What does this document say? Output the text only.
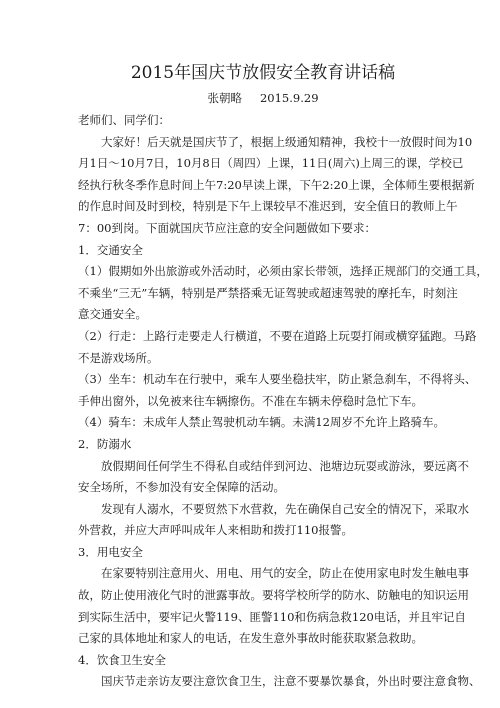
2015年国庆节放假安全教育讲话稿
张朝略 2015.9.29

老师们、同学们：

大家好！后天就是国庆节了，根据上级通知精神，我校十一放假时间为10
月1日～10月7日，10月8日（周四）上课，11日(周六)上周三的课，学校已
经执行秋冬季作息时间上午7:20早读上课，下午2:20上课，全体师生要根据新
的作息时间及时到校，特别是下午上课较早不准迟到，安全值日的教师上午
7：00到岗。下面就国庆节应注意的安全问题做如下要求：

1．交通安全

（1）假期如外出旅游或外活动时，必须由家长带领，选择正规部门的交通工具，
不乘坐“三无”车辆，特别是严禁搭乘无证驾驶或超速驾驶的摩托车，时刻注
意交通安全。

（2）行走：上路行走要走人行横道，不要在道路上玩耍打闹或横穿猛跑。马路
不是游戏场所。

（3）坐车：机动车在行驶中，乘车人要坐稳扶牢，防止紧急刹车，不得将头、
手伸出窗外，以免被来往车辆擦伤。不准在车辆未停稳时急忙下车。

（4）骑车：未成年人禁止驾驶机动车辆。未满12周岁不允许上路骑车。

2．防溺水

放假期间任何学生不得私自或结伴到河边、池塘边玩耍或游泳，要远离不
安全场所，不参加没有安全保障的活动。

发现有人溺水，不要贸然下水营救，先在确保自己安全的情况下，采取水
外营救，并应大声呼叫成年人来相助和拨打110报警。

3．用电安全

在家要特别注意用火、用电、用气的安全，防止在使用家电时发生触电事
故，防止使用液化气时的泄露事故。要将学校所学的防水、防触电的知识运用
到实际生活中，要牢记火警119、匪警110和伤病急救120电话，并且牢记自
己家的具体地址和家人的电话，在发生意外事故时能获取紧急救助。

4．饮食卫生安全

国庆节走亲访友要注意饮食卫生，注意不要暴饮暴食，外出时要注意食物、
